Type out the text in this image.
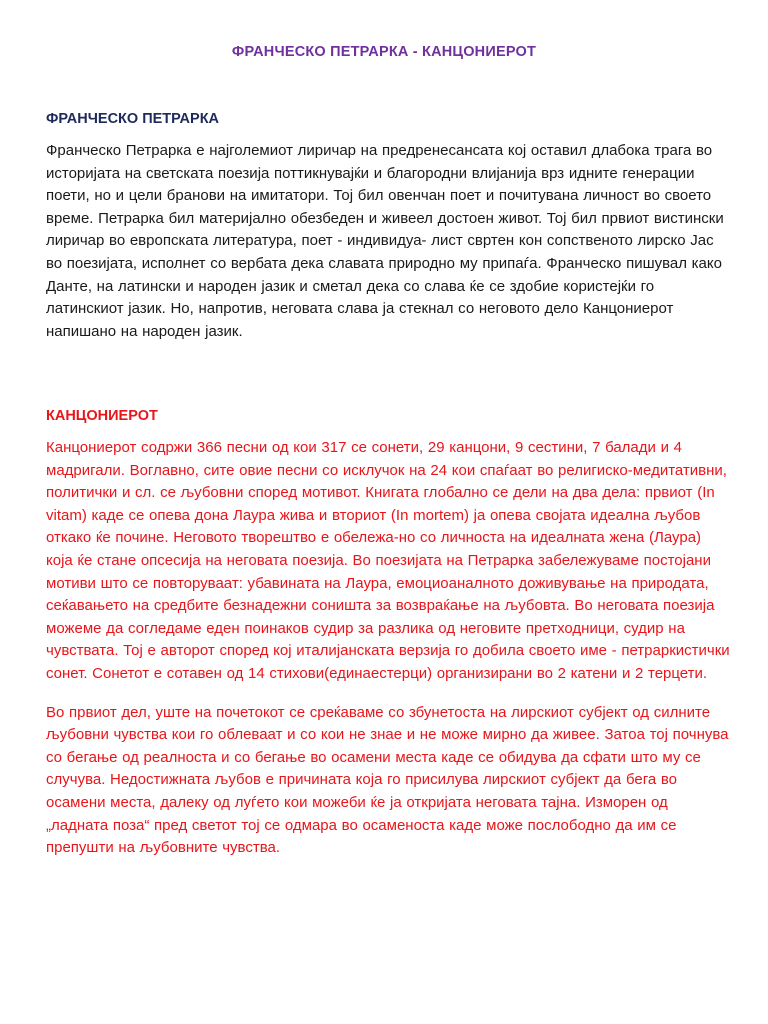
ФРАНЧЕСКО ПЕТРАРКА - КАНЦОНИЕРОТ
ФРАНЧЕСКО ПЕТРАРКА

Франческо Петрарка е најголемиот лиричар на предренесансата кој оставил длабока трага во историјата на светската поезија поттикнувајќи и благородни влијанија врз идните генерации поети, но и цели бранови на имитатори. Тој бил овенчан поет и почитувана личност во своето време. Петрарка бил материјално обезбеден и живеел достоен живот. Тој бил првиот вистински лиричар во европската литература, поет - индивидуа- лист свртен кон сопственото лирско Јас во поезијата, исполнет со вербата дека славата природно му припаѓа. Франческо пишувал како Данте, на латински и народен јазик и сметал дека со слава ќе се здобие користејќи го латинскиот јазик. Но, напротив, неговата слава ја стекнал со неговото дело Канцониерот напишано на народен јазик.

КАНЦОНИЕРОТ

Канцониерот содржи 366 песни од кои 317 се сонети, 29 канцони, 9 сестини, 7 балади и 4 мадригали. Воглавно, сите овие песни со исклучок на 24 кои спаѓаат во религиско-медитативни, политички и сл. се љубовни според мотивот. Книгата глобално се дели на два дела: првиот (In vitam) каде се опева дона Лаура жива и вториот (In mortem) ја опева својата идеална љубов откако ќе почине. Неговото творештво е обележа-но со личноста на идеалната жена (Лаура) која ќе стане опсесија на неговата поезија. Во поезијата на Петрарка забележуваме постојани мотиви што се повторуваат: убавината на Лаура, емоциоаналното доживување на природата, сеќавањето на средбите безнадежни соништа за возвраќање на љубовта. Во неговата поезија можеме да согледаме еден поинаков судир за разлика од неговите претходници, судир на чувствата. Тој е авторот според кој италијанската верзија го добила своето име - петраркистички сонет. Сонетот е сотавен од 14 стихови(единаестерци) организирани во 2 катени и 2 терцети.

Во првиот дел, уште на почетокот се среќаваме со збунетоста на лирскиот субјект од силните љубовни чувства кои го облеваат и со кои не знае и не може мирно да живее. Затоа тој почнува со бегање од реалноста и со бегање во осамени места каде се обидува да сфати што му се случува. Недостижната љубов е причината која го присилува лирскиот субјект да бега во осамени места, далеку од луѓето кои можеби ќе ја откријата неговата тајна. Изморен од „ладната поза“ пред светот тој се одмара во осаменоста каде може послободно да им се препушти на љубовните чувства.
